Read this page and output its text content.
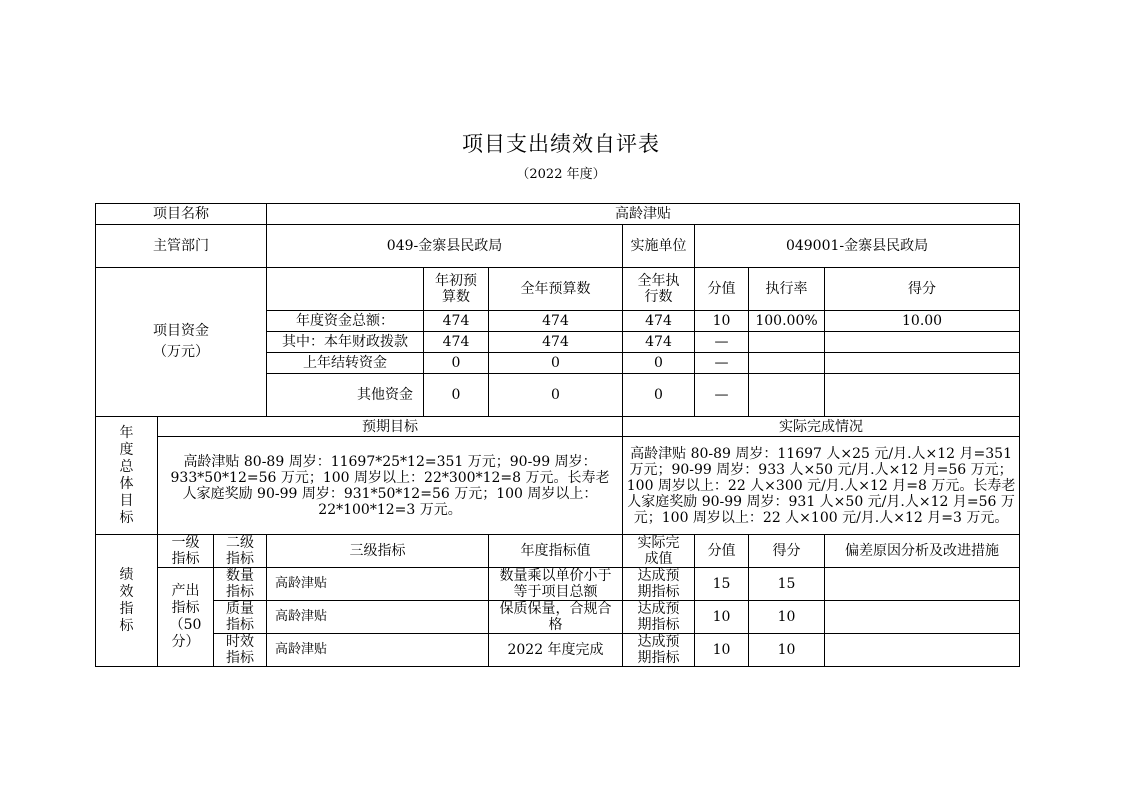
项目支出绩效自评表
（2022 年度）
项目名称			高龄津贴						
主管部门			049-金寨县民政局			实施单位	049001-金寨县民政局		

项目资金（万元）				年初预算数	全年预算数	全年执行数	分值	执行率	得分
			年度资金总额：	474	474	474	10	100.00%	10.00
			其中：本年财政拨款	474	474	474	—		
			上年结转资金	0	0	0	—		

			其他资金	0	0	0	—		

年度总体目标	预期目标					实际完成情况			
	高龄津贴 80-89 周岁：11697*25*12=351 万元；90-99 周岁：933*50*12=56 万元；100 周岁以上：22*300*12=8 万元。长寿老人家庭奖励 90-99 周岁：931*50*12=56 万元；100 周岁以上：22*100*12=3 万元。					高龄津贴 80-89 周岁：11697 人×25 元/月.人×12 月=351 万元；90-99 周岁：933 人×50 元/月.人×12 月=56 万元；100 周岁以上：22 人×300 元/月.人×12 月=8 万元。长寿老人家庭奖励 90-99 周岁：931 人×50 元/月.人×12 月=56 万元；100 周岁以上：22 人×100 元/月.人×12 月=3 万元。			

绩效指标	一级指标	二级指标	三级指标		年度指标值	实际完成值	分值	得分	偏差原因分析及改进措施

	产出指标（50 分）	数量指标	高龄津贴		数量乘以单价小于等于项目总额	达成预期指标	15	15	

		质量指标	高龄津贴		保质保量，合规合格	达成预期指标	10	10	

		时效指标	高龄津贴		2022 年度完成	达成预期指标	10	10	
